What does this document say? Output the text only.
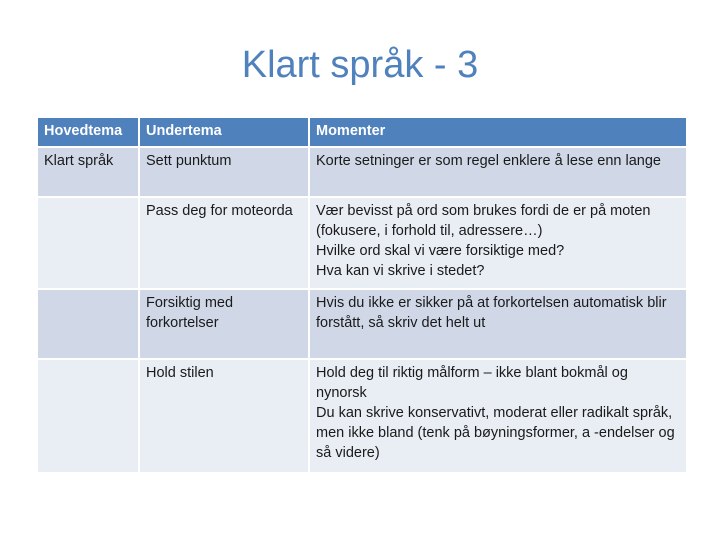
Klart språk - 3
Hovedtema	Undertema	Momenter
Klart språk	Sett punktum	Korte setninger er som regel enklere å lese enn lange

	Pass deg for moteorda	Vær bevisst på ord som brukes fordi de er på moten (fokusere, i forhold til, adressere…)
Hvilke ord skal vi være forsiktige med?
Hva kan vi skrive i stedet?

	Forsiktig med forkortelser	Hvis du ikke er sikker på at forkortelsen automatisk blir forstått, så skriv det helt ut

	Hold stilen	Hold deg til riktig målform – ikke blant bokmål og nynorsk
Du kan skrive konservativt, moderat eller radikalt språk, men ikke bland (tenk på bøyningsformer, a -endelser og så videre)
